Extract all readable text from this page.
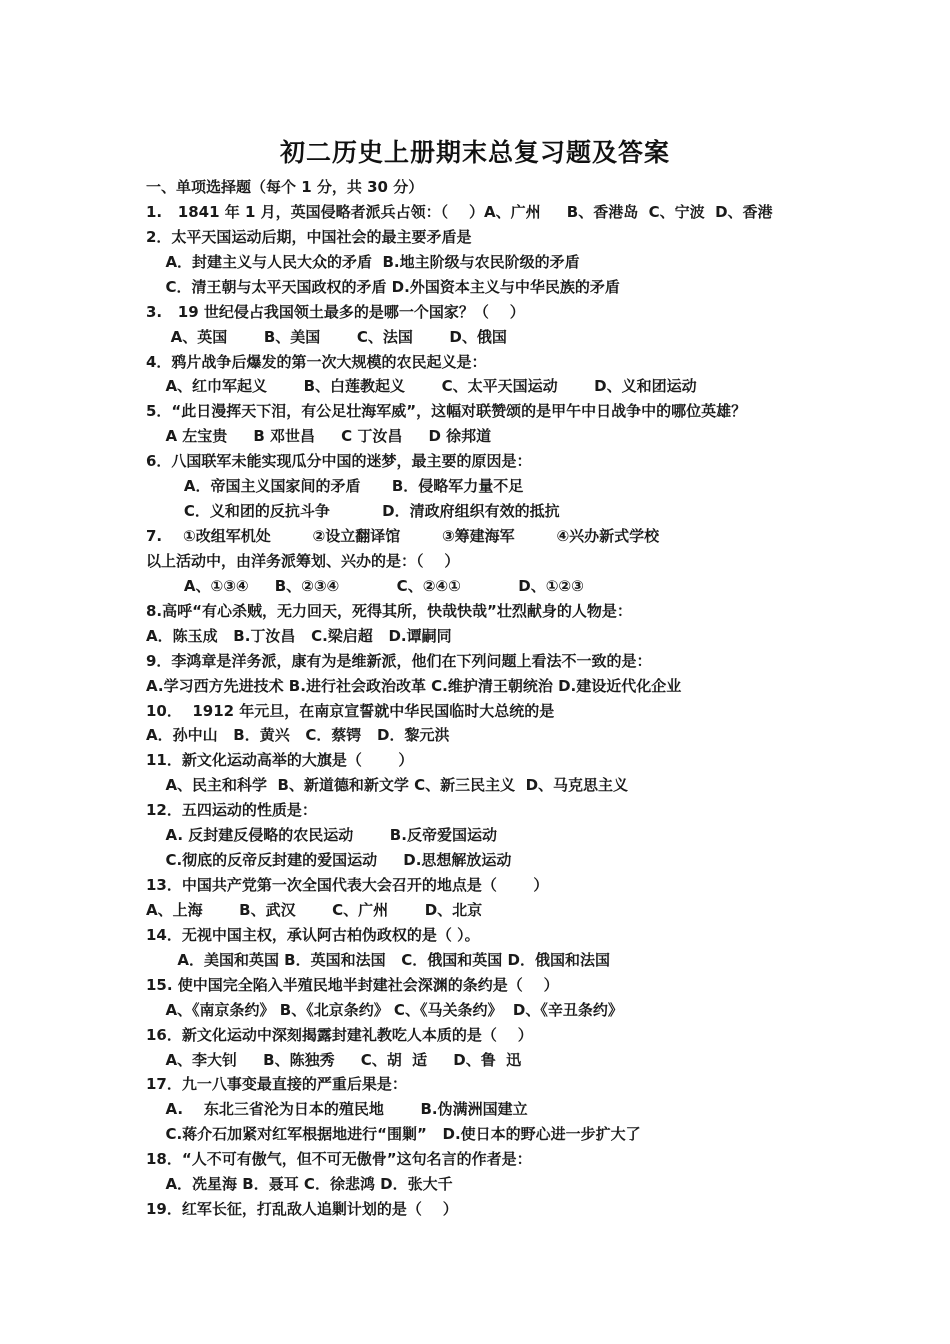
初二历史上册期末总复习题及答案
一、单项选择题（每个 1 分，共 30 分）
1.   1841 年 1 月，英国侵略者派兵占领：（    ）A、广州     B、香港岛  C、宁波  D、香港
2．太平天国运动后期，中国社会的最主要矛盾是
A．封建主义与人民大众的矛盾  B.地主阶级与农民阶级的矛盾
C．清王朝与太平天国政权的矛盾 D.外国资本主义与中华民族的矛盾
3.   19 世纪侵占我国领土最多的是哪一个国家？（    ）
A、英国       B、美国       C、法国       D、俄国
4．鸦片战争后爆发的第一次大规模的农民起义是：
A、红巾军起义       B、白莲教起义       C、太平天国运动       D、义和团运动
5．“此日漫挥天下泪，有公足壮海军威”，这幅对联赞颂的是甲午中日战争中的哪位英雄？
A 左宝贵     B 邓世昌     C 丁汝昌     D 徐邦道
6．八国联军未能实现瓜分中国的迷梦，最主要的原因是：
A．帝国主义国家间的矛盾      B．侵略军力量不足
C．义和团的反抗斗争          D．清政府组织有效的抵抗
7.    ①改组军机处        ②设立翻译馆        ③筹建海军        ④兴办新式学校
以上活动中，由洋务派筹划、兴办的是：（    ）
A、①③④     B、②③④           C、②④①           D、①②③
8.高呼“有心杀贼，无力回天，死得其所，快哉快哉”壮烈献身的人物是：
A．陈玉成   B.丁汝昌   C.梁启超   D.谭嗣同
9．李鸿章是洋务派，康有为是维新派，他们在下列问题上看法不一致的是：
A.学习西方先进技术 B.进行社会政治改革 C.维护清王朝统治 D.建设近代化企业
10．  1912 年元旦，在南京宣誓就中华民国临时大总统的是
A．孙中山   B．黄兴   C．蔡锷   D．黎元洪
11．新文化运动高举的大旗是（       ）
A、民主和科学  B、新道德和新文学 C、新三民主义  D、马克思主义
12．五四运动的性质是：
A. 反封建反侵略的农民运动       B.反帝爱国运动
C.彻底的反帝反封建的爱国运动     D.思想解放运动
13．中国共产党第一次全国代表大会召开的地点是（       ）
A、上海       B、武汉       C、广州       D、北京
14．无视中国主权，承认阿古柏伪政权的是（ ）。
A．美国和英国 B．英国和法国   C．俄国和英国 D．俄国和法国
15. 使中国完全陷入半殖民地半封建社会深渊的条约是（    ）
A、《南京条约》 B、《北京条约》 C、《马关条约》  D、《辛丑条约》
16．新文化运动中深刻揭露封建礼教吃人本质的是（    ）
A、李大钊     B、陈独秀     C、胡  适     D、鲁  迅
17．九一八事变最直接的严重后果是：
A.    东北三省沦为日本的殖民地       B.伪满洲国建立
C.蒋介石加紧对红军根据地进行“围剿”   D.使日本的野心进一步扩大了
18．“人不可有傲气，但不可无傲骨”这句名言的作者是：
A．冼星海 B．聂耳 C．徐悲鸿 D．张大千
19．红军长征，打乱敌人追剿计划的是（    ）
